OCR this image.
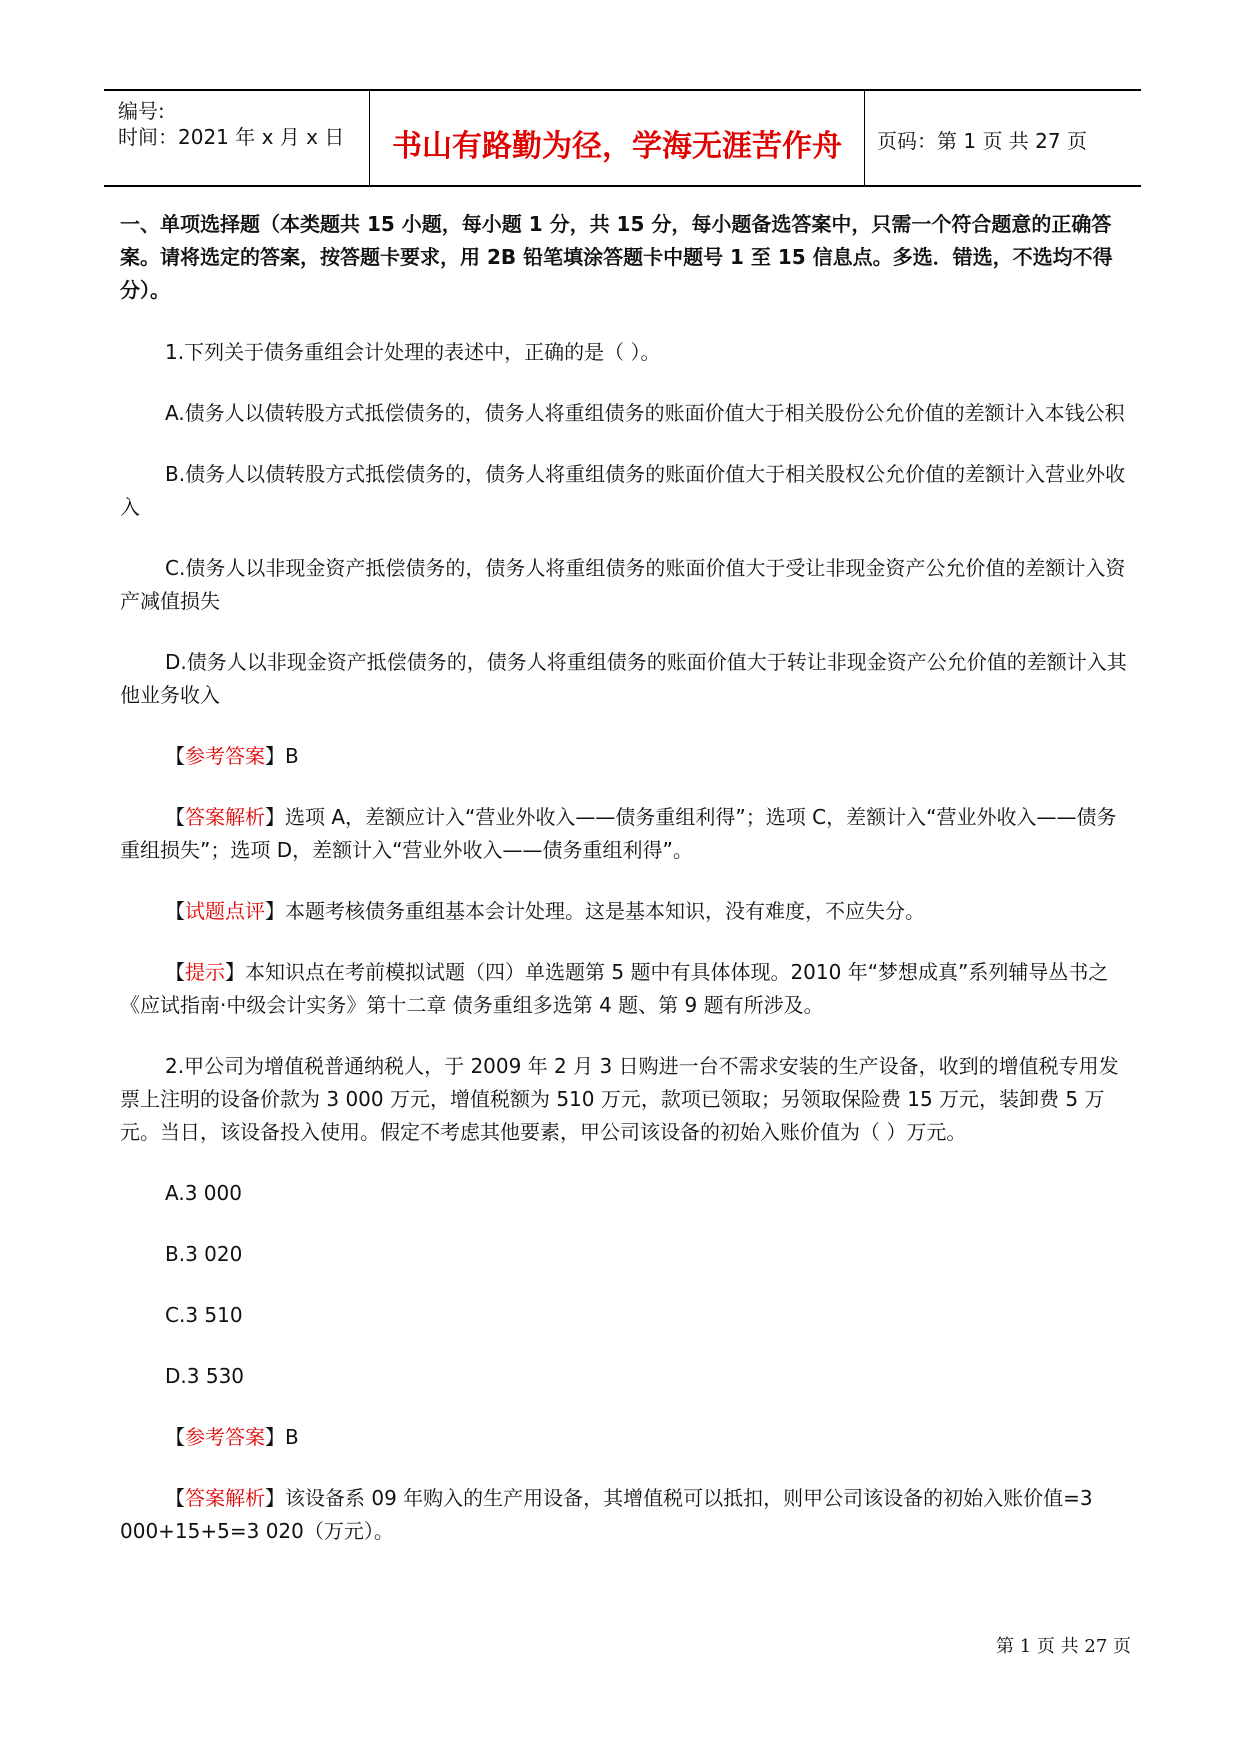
编号:
时间：2021 年 x 月 x 日	书山有路勤为径，学海无涯苦作舟	页码：第 1 页 共 27 页
一、单项选择题（本类题共 15 小题，每小题 1 分，共 15 分，每小题备选答案中，只需一个符合题意的正确答案。请将选定的答案，按答题卡要求，用 2B 铅笔填涂答题卡中题号 1 至 15 信息点。多选．错选，不选均不得分）。

1.下列关于债务重组会计处理的表述中，正确的是（ ）。

A.债务人以债转股方式抵偿债务的，债务人将重组债务的账面价值大于相关股份公允价值的差额计入本钱公积

B.债务人以债转股方式抵偿债务的，债务人将重组债务的账面价值大于相关股权公允价值的差额计入营业外收入

C.债务人以非现金资产抵偿债务的，债务人将重组债务的账面价值大于受让非现金资产公允价值的差额计入资产减值损失

D.债务人以非现金资产抵偿债务的，债务人将重组债务的账面价值大于转让非现金资产公允价值的差额计入其他业务收入

【参考答案】B

【答案解析】选项 A，差额应计入“营业外收入——债务重组利得”；选项 C，差额计入“营业外收入——债务重组损失”；选项 D，差额计入“营业外收入——债务重组利得”。

【试题点评】本题考核债务重组基本会计处理。这是基本知识，没有难度，不应失分。

【提示】本知识点在考前模拟试题（四）单选题第 5 题中有具体体现。2010 年“梦想成真”系列辅导丛书之《应试指南·中级会计实务》第十二章 债务重组多选第 4 题、第 9 题有所涉及。

2.甲公司为增值税普通纳税人，于 2009 年 2 月 3 日购进一台不需求安装的生产设备，收到的增值税专用发票上注明的设备价款为 3 000 万元，增值税额为 510 万元，款项已领取；另领取保险费 15 万元，装卸费 5 万元。当日，该设备投入使用。假定不考虑其他要素，甲公司该设备的初始入账价值为（ ）万元。

A.3 000

B.3 020

C.3 510

D.3 530

【参考答案】B

【答案解析】该设备系 09 年购入的生产用设备，其增值税可以抵扣，则甲公司该设备的初始入账价值=3 000+15+5=3 020（万元）。

第 1 页 共 27 页
